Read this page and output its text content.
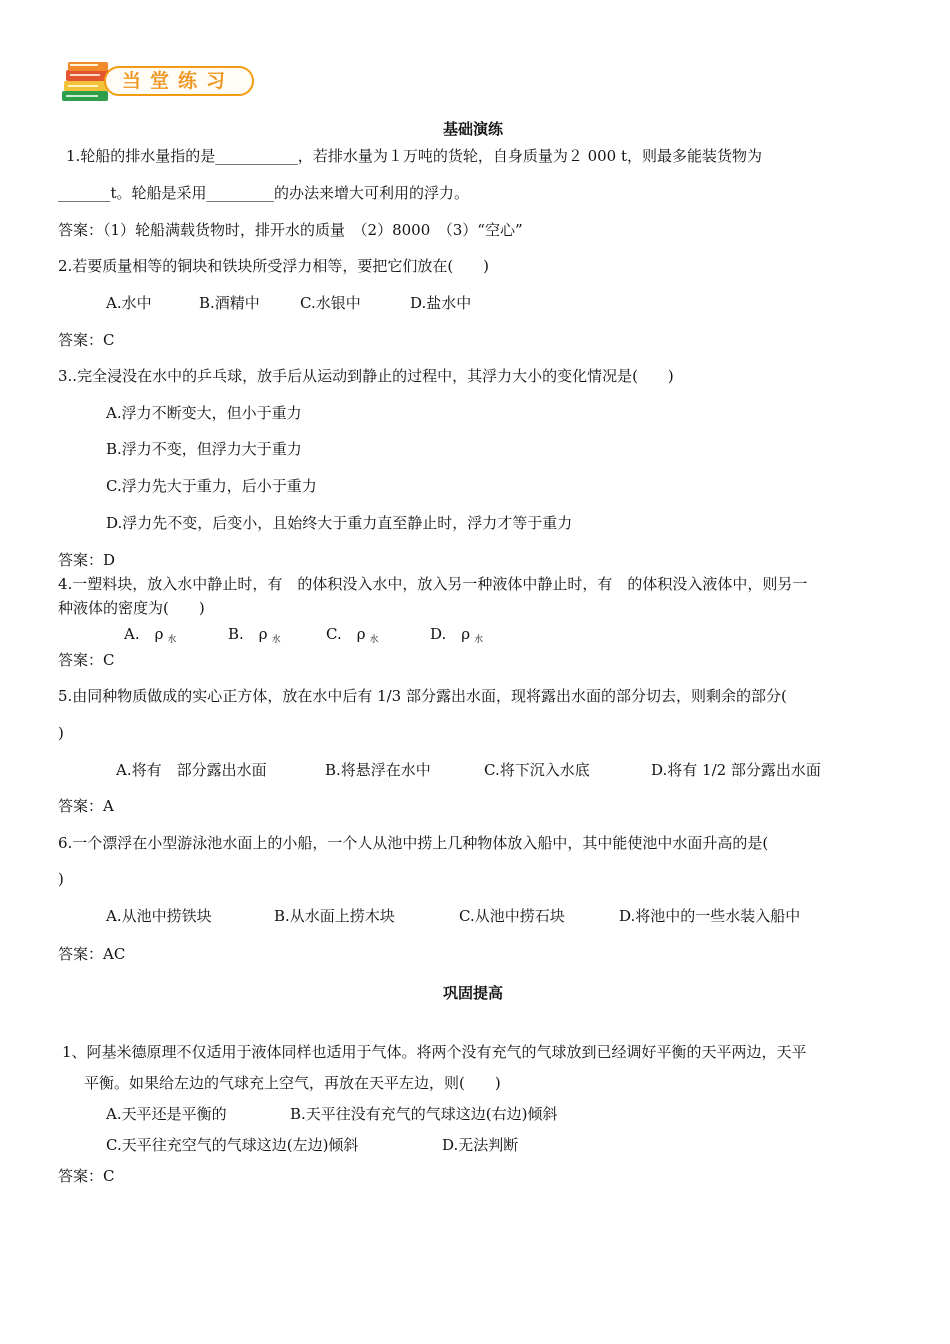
当堂练习
基础演练
1.轮船的排水量指的是___________，若排水量为１万吨的货轮，自身质量为２ 000 t，则最多能装货物为
_______t。轮船是采用_________的办法来增大可利用的浮力。
答案：（1）轮船满载货物时，排开水的质量　（2）8000　（3）“空心”
2.若要质量相等的铜块和铁块所受浮力相等，要把它们放在(　　)
A.水中	B.酒精中	C.水银中	D.盐水中
答案：C
3..完全浸没在水中的乒乓球，放手后从运动到静止的过程中，其浮力大小的变化情况是(　　)
A.浮力不断变大，但小于重力
B.浮力不变，但浮力大于重力
C.浮力先大于重力，后小于重力
D.浮力先不变，后变小，且始终大于重力直至静止时，浮力才等于重力
答案：D
4.一塑料块，放入水中静止时，有　的体积没入水中，放入另一种液体中静止时，有　的体积没入液体中，则另一
种液体的密度为(　　)
A.　ρ $_水$	B.　ρ $_水$	C.　ρ $_水$	D.　ρ $_水$
答案：C
5.由同种物质做成的实心正方体，放在水中后有 1/3 部分露出水面，现将露出水面的部分切去，则剩余的部分(
)
A.将有　部分露出水面	B.将悬浮在水中	C.将下沉入水底	D.将有 1/2 部分露出水面
答案：A
6.一个漂浮在小型游泳池水面上的小船，一个人从池中捞上几种物体放入船中，其中能使池中水面升高的是(
)
A.从池中捞铁块	B.从水面上捞木块	C.从池中捞石块	D.将池中的一些水装入船中
答案：AC
巩固提高
1、阿基米德原理不仅适用于液体同样也适用于气体。将两个没有充气的气球放到已经调好平衡的天平两边，天平
平衡。如果给左边的气球充上空气，再放在天平左边，则(　　)
A.天平还是平衡的	B.天平往没有充气的气球这边(右边)倾斜
C.天平往充空气的气球这边(左边)倾斜	D.无法判断
答案：C
